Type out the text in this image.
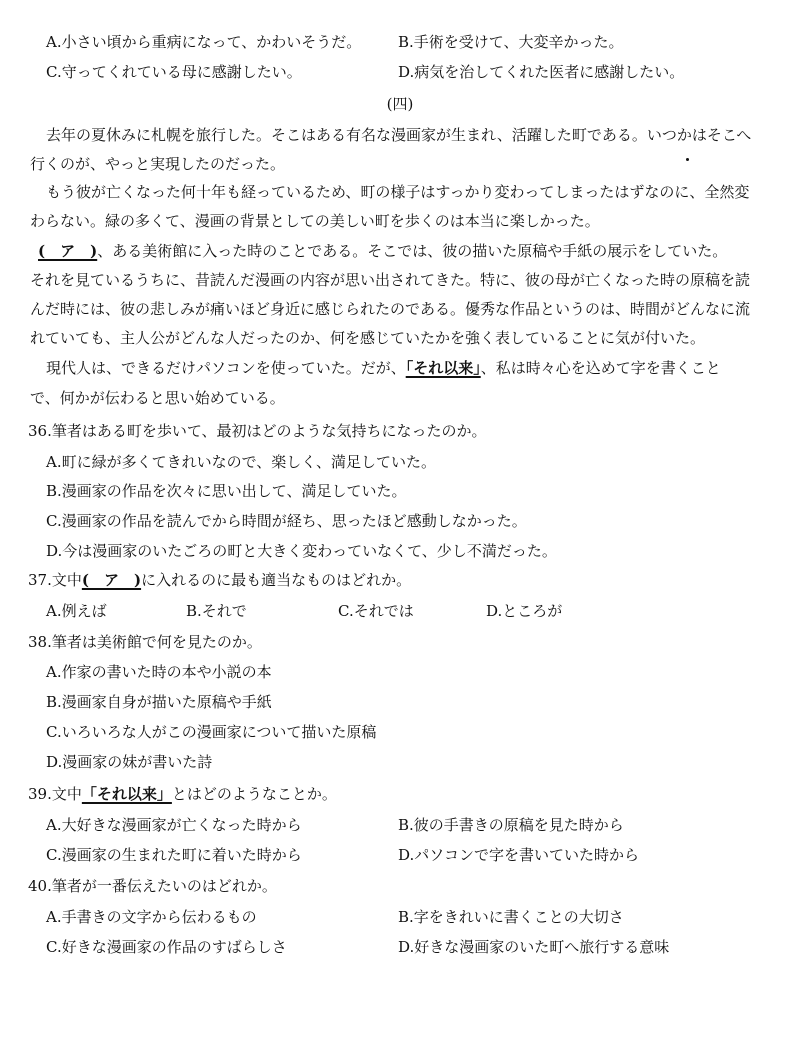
A.小さい頃から重病になって、かわいそうだ。 B.手術を受けて、大変辛かった。
C.守ってくれている母に感謝したい。	D.病気を治してくれた医者に感謝したい。
(四)
去年の夏休みに札幌を旅行した。そこはある有名な漫画家が生まれ、活躍した町である。いつかはそこへ
行くのが、やっと実現したのだった。
もう彼が亡くなった何十年も経っているため、町の様子はすっかり変わってしまったはずなのに、全然変
わらない。緑の多くて、漫画の背景としての美しい町を歩くのは本当に楽しかった。
(　ア　)、ある美術館に入った時のことである。そこでは、彼の描いた原稿や手紙の展示をしていた。
それを見ているうちに、昔読んだ漫画の内容が思い出されてきた。特に、彼の母が亡くなった時の原稿を読
んだ時には、彼の悲しみが痛いほど身近に感じられたのである。優秀な作品というのは、時間がどんなに流
れていても、主人公がどんな人だったのか、何を感じていたかを強く表していることに気が付いた。
現代人は、できるだけパソコンを使っていた。だが、「それ以来」、私は時々心を込めて字を書くこと
で、何かが伝わると思い始めている。
36.筆者はある町を歩いて、最初はどのような気持ちになったのか。
A.町に緑が多くてきれいなので、楽しく、満足していた。
B.漫画家の作品を次々に思い出して、満足していた。
C.漫画家の作品を読んでから時間が経ち、思ったほど感動しなかった。
D.今は漫画家のいたごろの町と大きく変わっていなくて、少し不満だった。
37.文中(　ア　)に入れるのに最も適当なものはどれか。
A.例えば	B.それで	C.それでは	D.ところが
38.筆者は美術館で何を見たのか。
A.作家の書いた時の本や小説の本
B.漫画家自身が描いた原稿や手紙
C.いろいろな人がこの漫画家について描いた原稿
D.漫画家の妹が書いた詩
39.文中「それ以来」とはどのようなことか。
A.大好きな漫画家が亡くなった時から	B.彼の手書きの原稿を見た時から
C.漫画家の生まれた町に着いた時から	D.パソコンで字を書いていた時から
40.筆者が一番伝えたいのはどれか。
A.手書きの文字から伝わるもの	B.字をきれいに書くことの大切さ
C.好きな漫画家の作品のすばらしさ	D.好きな漫画家のいた町へ旅行する意味
